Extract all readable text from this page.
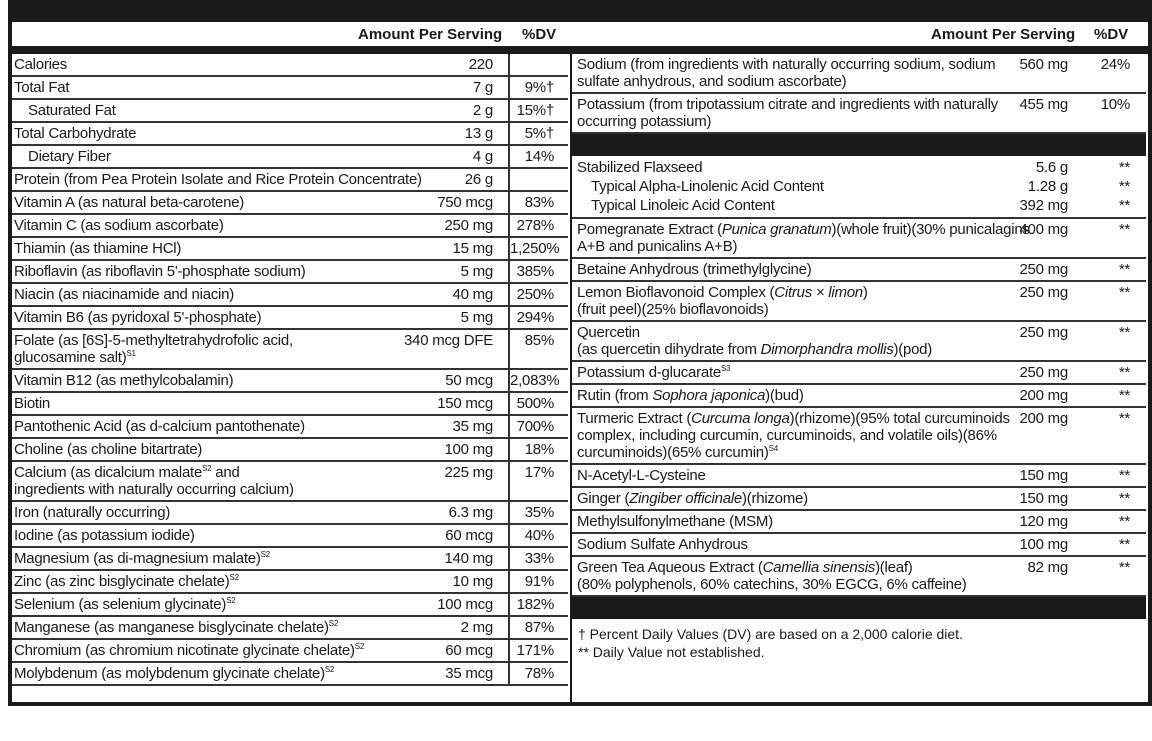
Amount Per Serving %DV	Amount Per Serving %DV
Calories	220
Total Fat	7 g	9%†
Saturated Fat	2 g	15%†
Total Carbohydrate	13 g	5%†
Dietary Fiber	4 g	14%
Protein (from Pea Protein Isolate and Rice Protein Concentrate)	26 g
Vitamin A (as natural beta-carotene)	750 mcg	83%
Vitamin C (as sodium ascorbate)	250 mg	278%
Thiamin (as thiamine HCl)	15 mg 1,250%
Riboflavin (as riboflavin 5'-phosphate sodium)	5 mg	385%
Niacin (as niacinamide and niacin)	40 mg	250%
Vitamin B6 (as pyridoxal 5'-phosphate)	5 mg	294%
Folate (as [6S]-5-methyltetrahydrofolic acid,
glucosamine salt)$^{S1}$
340 mcg DFE	85%
Vitamin B12 (as methylcobalamin)	50 mcg 2,083%
Biotin	150 mcg	500%
Pantothenic Acid (as d-calcium pantothenate)	35 mg	700%
Choline (as choline bitartrate)	100 mg	18%
Calcium (as dicalcium malate$^{S2}$ and
ingredients with naturally occurring calcium)
225 mg	17%
Iron (naturally occurring)	6.3 mg	35%
Iodine (as potassium iodide)	60 mcg	40%
Magnesium (as di-magnesium malate)$^{S2}$	140 mg	33%
Zinc (as zinc bisglycinate chelate)$^{S2}$	10 mg	91%
Selenium (as selenium glycinate)$^{S2}$	100 mcg	182%
Manganese (as manganese bisglycinate chelate)$^{S2}$	2 mg	87%
Chromium (as chromium nicotinate glycinate chelate)$^{S2}$	60 mcg	171%
Molybdenum (as molybdenum glycinate chelate)$^{S2}$	35 mcg	78%
Sodium (from ingredients with naturally occurring sodium, sodium sulfate anhydrous, and sodium ascorbate)
560 mg 24%
Potassium (from tripotassium citrate and ingredients with naturally occurring potassium)
455 mg 10%
Stabilized Flaxseed	5.6 g	**
Typical Alpha-Linolenic Acid Content	1.28 g	**
Typical Linoleic Acid Content	392 mg	**
Pomegranate Extract (Punica granatum)(whole fruit)(30% punicalagins A+B and punicalins A+B)
400 mg	**
Betaine Anhydrous (trimethylglycine)	250 mg	**
Lemon Bioflavonoid Complex (Citrus × limon)
(fruit peel)(25% bioflavonoids)
250 mg	**
Quercetin
(as quercetin dihydrate from Dimorphandra mollis)(pod)
250 mg	**
Potassium d-glucarate$^{S3}$	250 mg	**
Rutin (from Sophora japonica)(bud)	200 mg	**
Turmeric Extract (Curcuma longa)(rhizome)(95% total curcuminoids complex, including curcumin, curcuminoids, and volatile oils)(86% curcuminoids)(65% curcumin)$^{S4}$
200 mg	**
N-Acetyl-L-Cysteine	150 mg	**
Ginger (Zingiber officinale)(rhizome)	150 mg	**
Methylsulfonylmethane (MSM)	120 mg	**
Sodium Sulfate Anhydrous	100 mg	**
Green Tea Aqueous Extract (Camellia sinensis)(leaf)
(80% polyphenols, 60% catechins, 30% EGCG, 6% caffeine)
82 mg	**
† Percent Daily Values (DV) are based on a 2,000 calorie diet.
** Daily Value not established.
